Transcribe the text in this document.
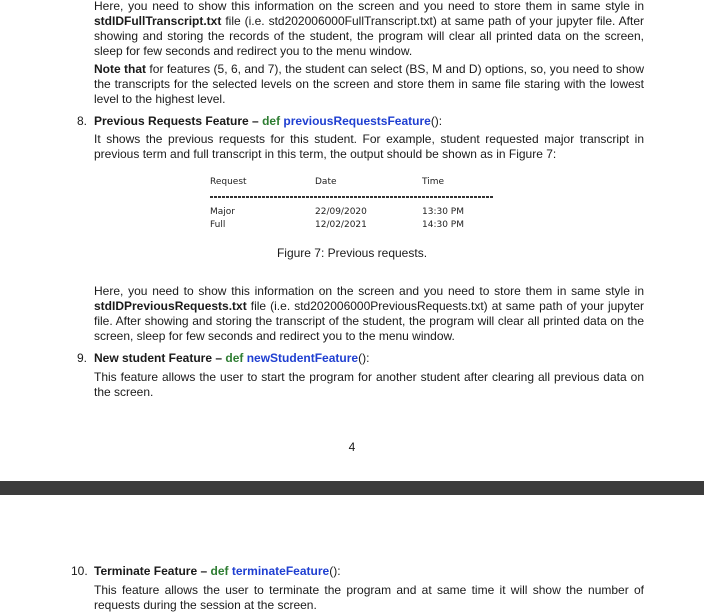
Here, you need to show this information on the screen and you need to store them in same style in stdIDFullTranscript.txt file (i.e. std202006000FullTranscript.txt) at same path of your jupyter file. After showing and storing the records of the student, the program will clear all printed data on the screen, sleep for few seconds and redirect you to the menu window.

Note that for features (5, 6, and 7), the student can select (BS, M and D) options, so, you need to show the transcripts for the selected levels on the screen and store them in same file staring with the lowest level to the highest level.

8. Previous Requests Feature – def previousRequestsFeature():

It shows the previous requests for this student. For example, student requested major transcript in previous term and full transcript in this term, the output should be shown as in Figure 7:

Request	Date	Time
Major	22/09/2020	13:30 PM
Full	12/02/2021	14:30 PM
Figure 7: Previous requests.

Here, you need to show this information on the screen and you need to store them in same style in stdIDPreviousRequests.txt file (i.e. std202006000PreviousRequests.txt) at same path of your jupyter file. After showing and storing the transcript of the student, the program will clear all printed data on the screen, sleep for few seconds and redirect you to the menu window.

9. New student Feature – def newStudentFeature():

This feature allows the user to start the program for another student after clearing all previous data on the screen.

4

10. Terminate Feature – def terminateFeature():

This feature allows the user to terminate the program and at same time it will show the number of requests during the session at the screen.
